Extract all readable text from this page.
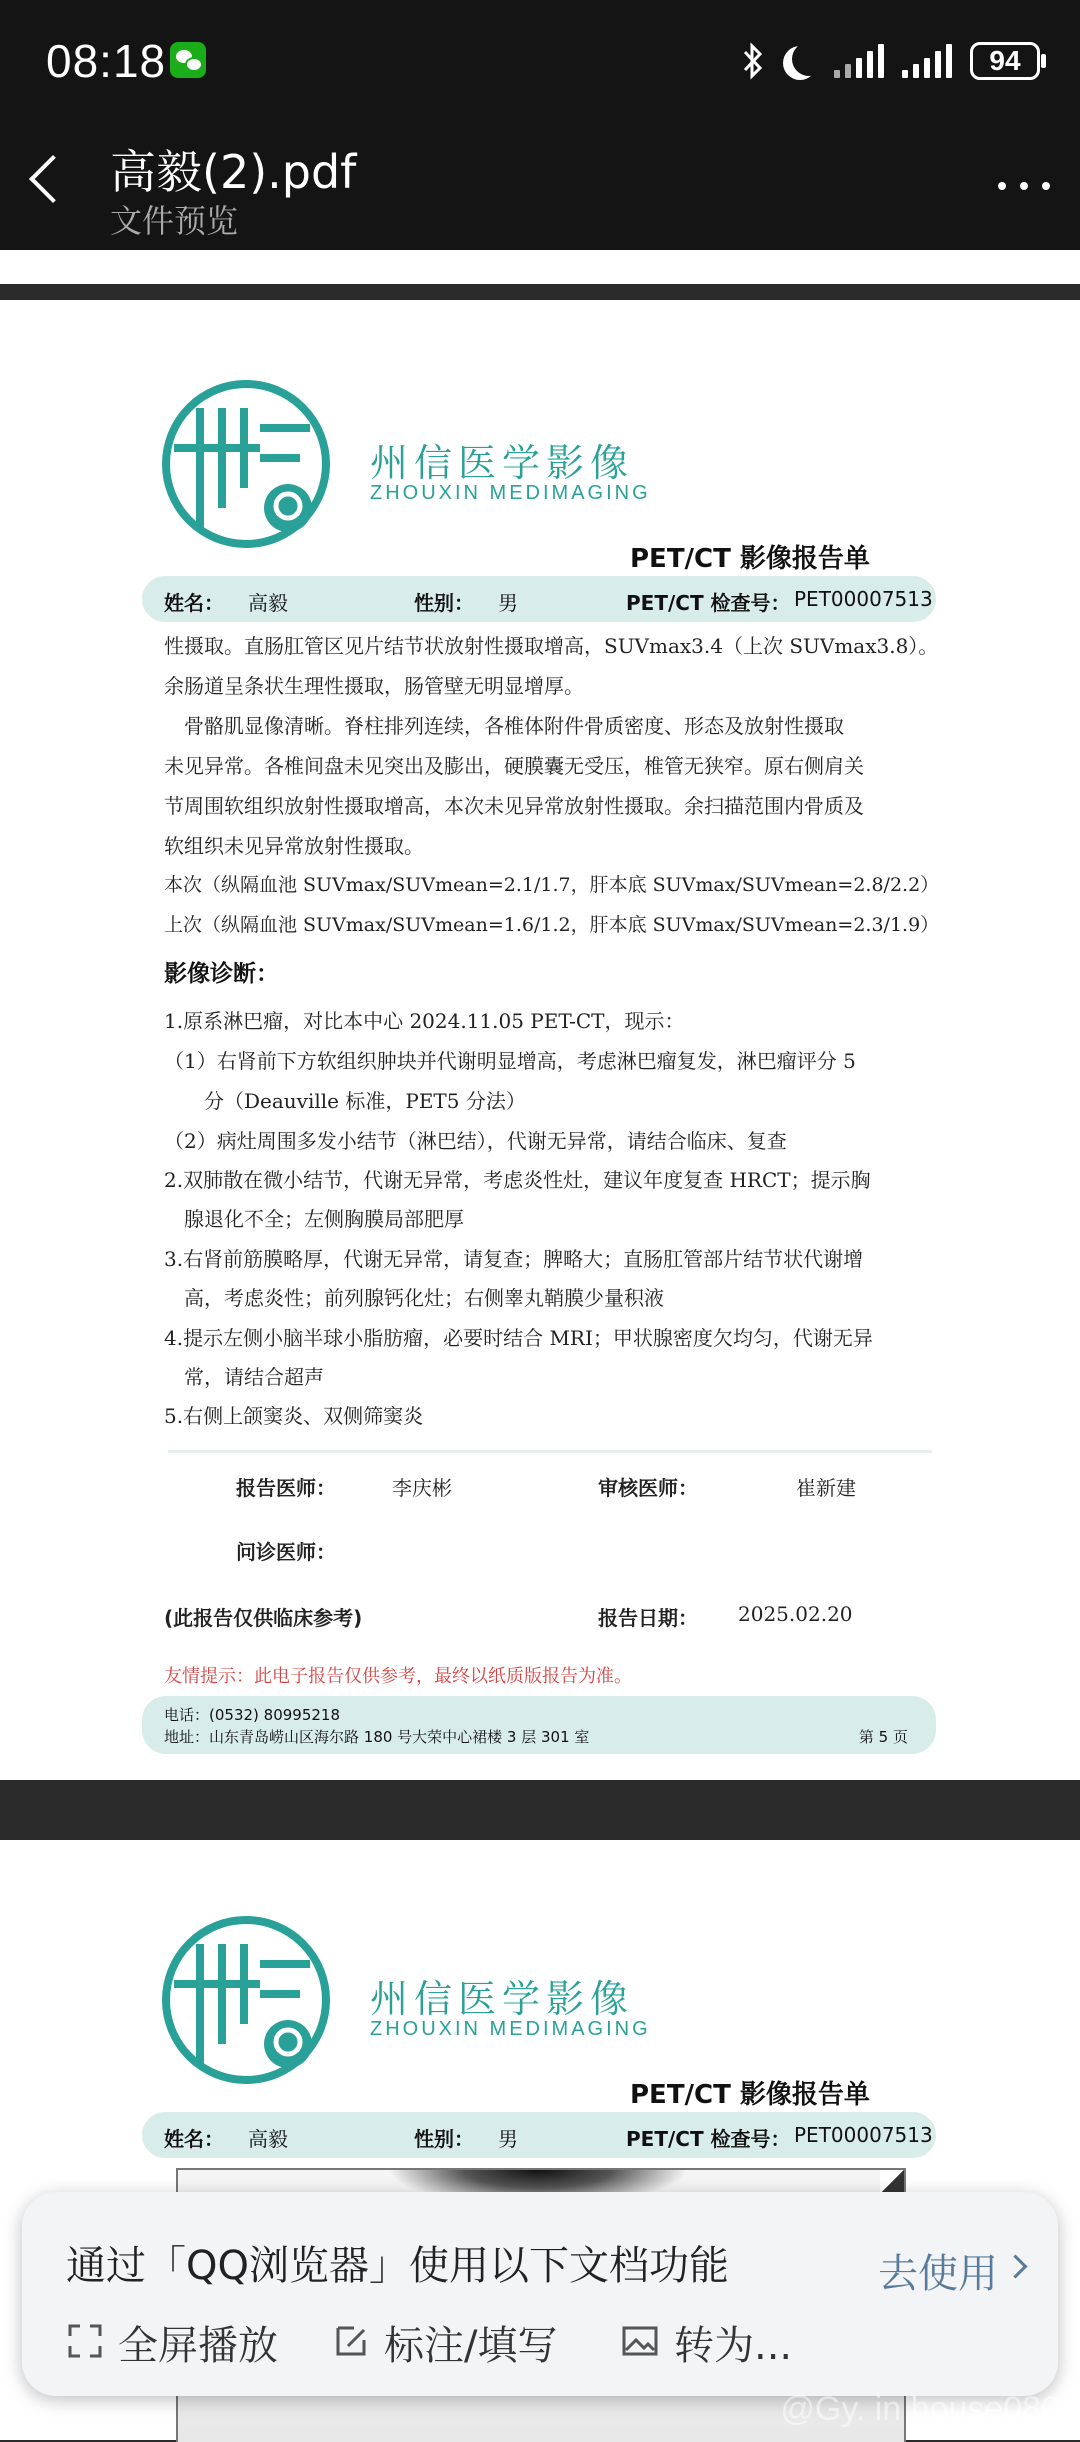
08:18	94
高毅(2).pdf
文件预览
州信医学影像
ZHOUXIN MEDIMAGING
PET/CT 影像报告单
姓名： 高毅	性别： 男	PET/CT 检查号： PET00007513
性摄取。直肠肛管区见片结节状放射性摄取增高，SUVmax3.4（上次 SUVmax3.8）。
余肠道呈条状生理性摄取，肠管壁无明显增厚。
　骨骼肌显像清晰。脊柱排列连续，各椎体附件骨质密度、形态及放射性摄取
未见异常。各椎间盘未见突出及膨出，硬膜囊无受压，椎管无狭窄。原右侧肩关
节周围软组织放射性摄取增高，本次未见异常放射性摄取。余扫描范围内骨质及
软组织未见异常放射性摄取。
本次（纵隔血池 SUVmax/SUVmean=2.1/1.7，肝本底 SUVmax/SUVmean=2.8/2.2）
上次（纵隔血池 SUVmax/SUVmean=1.6/1.2，肝本底 SUVmax/SUVmean=2.3/1.9）
影像诊断：
1.原系淋巴瘤，对比本中心 2024.11.05 PET-CT，现示：
（1）右肾前下方软组织肿块并代谢明显增高，考虑淋巴瘤复发，淋巴瘤评分 5
　　分（Deauville 标准，PET5 分法）
（2）病灶周围多发小结节（淋巴结），代谢无异常，请结合临床、复查
2.双肺散在微小结节，代谢无异常，考虑炎性灶，建议年度复查 HRCT；提示胸
　腺退化不全；左侧胸膜局部肥厚
3.右肾前筋膜略厚，代谢无异常，请复查；脾略大；直肠肛管部片结节状代谢增
　高，考虑炎性；前列腺钙化灶；右侧睾丸鞘膜少量积液
4.提示左侧小脑半球小脂肪瘤，必要时结合 MRI；甲状腺密度欠均匀，代谢无异
　常，请结合超声
5.右侧上颌窦炎、双侧筛窦炎
报告医师：	李庆彬	审核医师：	崔新建
问诊医师：
(此报告仅供临床参考)	报告日期： 2025.02.20
友情提示：此电子报告仅供参考，最终以纸质版报告为准。
电话：(0532) 80995218
地址：山东青岛崂山区海尔路 180 号大荣中心裙楼 3 层 301 室	第 5 页
州信医学影像
ZHOUXIN MEDIMAGING
PET/CT 影像报告单
姓名： 高毅	性别： 男	PET/CT 检查号： PET00007513
通过「QQ浏览器」使用以下文档功能	去使用
全屏播放	标注/填写	转为...
@Gy. in house080
